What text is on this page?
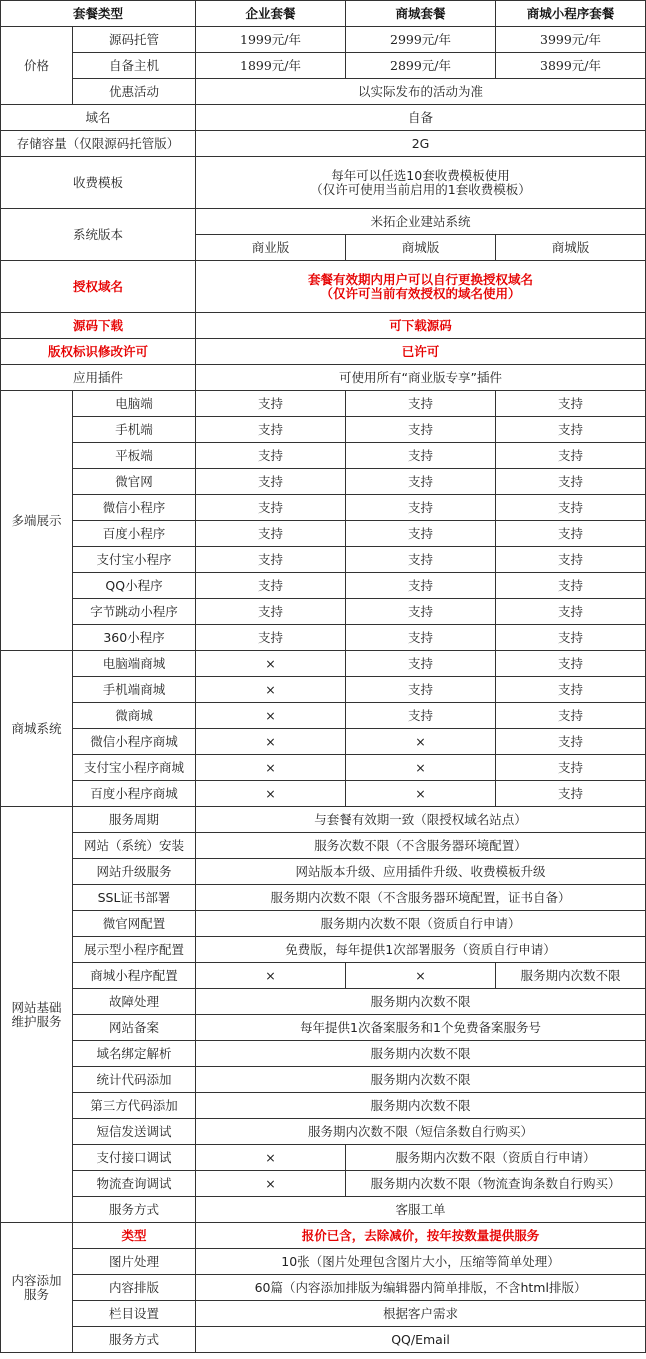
套餐类型		企业套餐	商城套餐	商城小程序套餐
价格	源码托管	1999元/年	2999元/年	3999元/年
	自备主机	1899元/年	2899元/年	3899元/年
	优惠活动	以实际发布的活动为准		
域名		自备		
存储容量（仅限源码托管版）		2G		
收费模板		每年可以任选10套收费模板使用
（仅许可使用当前启用的1套收费模板）		

系统版本		米拓企业建站系统		
		商业版	商城版	商城版
授权域名		套餐有效期内用户可以自行更换授权域名
（仅许可当前有效授权的域名使用）		

源码下载		可下载源码		
版权标识修改许可		已许可		
应用插件		可使用所有“商业版专享”插件		
多端展示	电脑端	支持	支持	支持
	手机端	支持	支持	支持
	平板端	支持	支持	支持
	微官网	支持	支持	支持
	微信小程序	支持	支持	支持
	百度小程序	支持	支持	支持
	支付宝小程序	支持	支持	支持
	QQ小程序	支持	支持	支持
	字节跳动小程序	支持	支持	支持
	360小程序	支持	支持	支持
商城系统	电脑端商城	×	支持	支持
	手机端商城	×	支持	支持
	微商城	×	支持	支持
	微信小程序商城	×	×	支持
	支付宝小程序商城	×	×	支持
	百度小程序商城	×	×	支持

网站基础
维护服务	服务周期	与套餐有效期一致（限授权域名站点）		
	网站（系统）安装	服务次数不限（不含服务器环境配置）		
	网站升级服务	网站版本升级、应用插件升级、收费模板升级		
	SSL证书部署	服务期内次数不限（不含服务器环境配置，证书自备）		
	微官网配置	服务期内次数不限（资质自行申请）		
	展示型小程序配置	免费版，每年提供1次部署服务（资质自行申请）		
	商城小程序配置	×	×	服务期内次数不限
	故障处理	服务期内次数不限		
	网站备案	每年提供1次备案服务和1个免费备案服务号		
	域名绑定解析	服务期内次数不限		
	统计代码添加	服务期内次数不限		
	第三方代码添加	服务期内次数不限		
	短信发送调试	服务期内次数不限（短信条数自行购买）		
	支付接口调试	×	服务期内次数不限（资质自行申请）	
	物流查询调试	×	服务期内次数不限（物流查询条数自行购买）	
	服务方式	客服工单		

内容添加
服务	类型	报价已含，去除减价，按年按数量提供服务		
	图片处理	10张（图片处理包含图片大小，压缩等简单处理）		
	内容排版	60篇（内容添加排版为编辑器内简单排版，不含html排版）		
	栏目设置	根据客户需求		
	服务方式	QQ/Email		
